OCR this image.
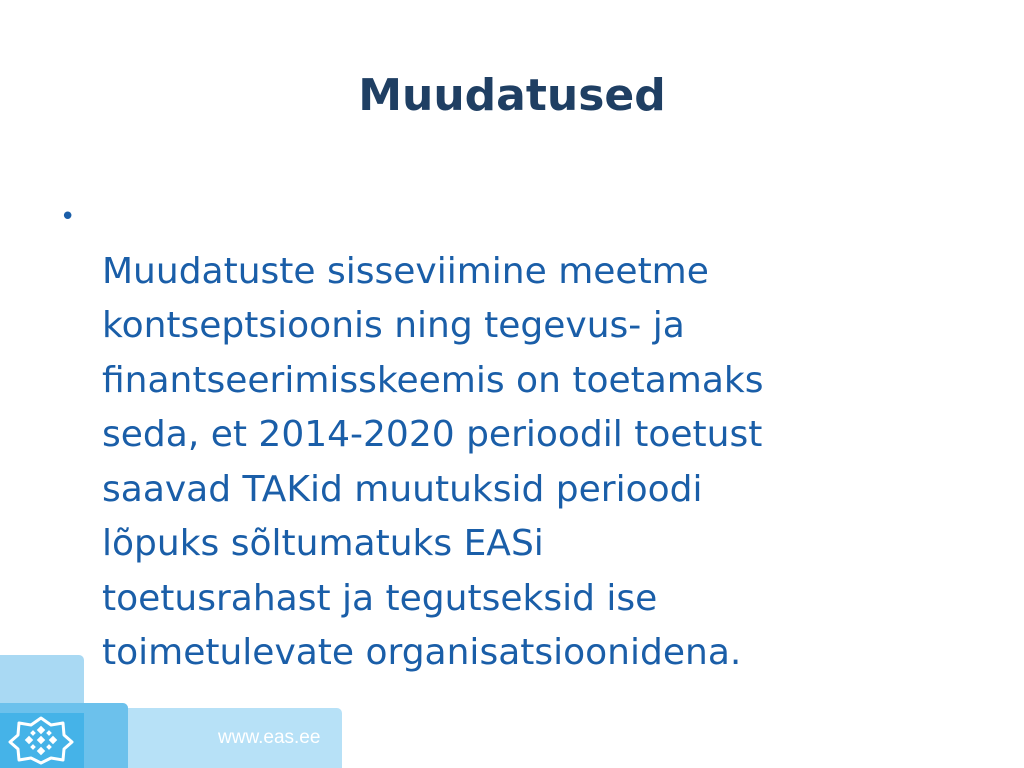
Muudatused

•
Muudatuste sisseviimine meetme
kontseptsioonis ning tegevus- ja
finantseerimisskeemis on toetamaks
seda, et 2014-2020 perioodil toetust
saavad TAKid muutuksid perioodi
lõpuks sõltumatuks EASi
toetusrahast ja tegutseksid ise
toimetulevate organisatsioonidena.

www.eas.ee
